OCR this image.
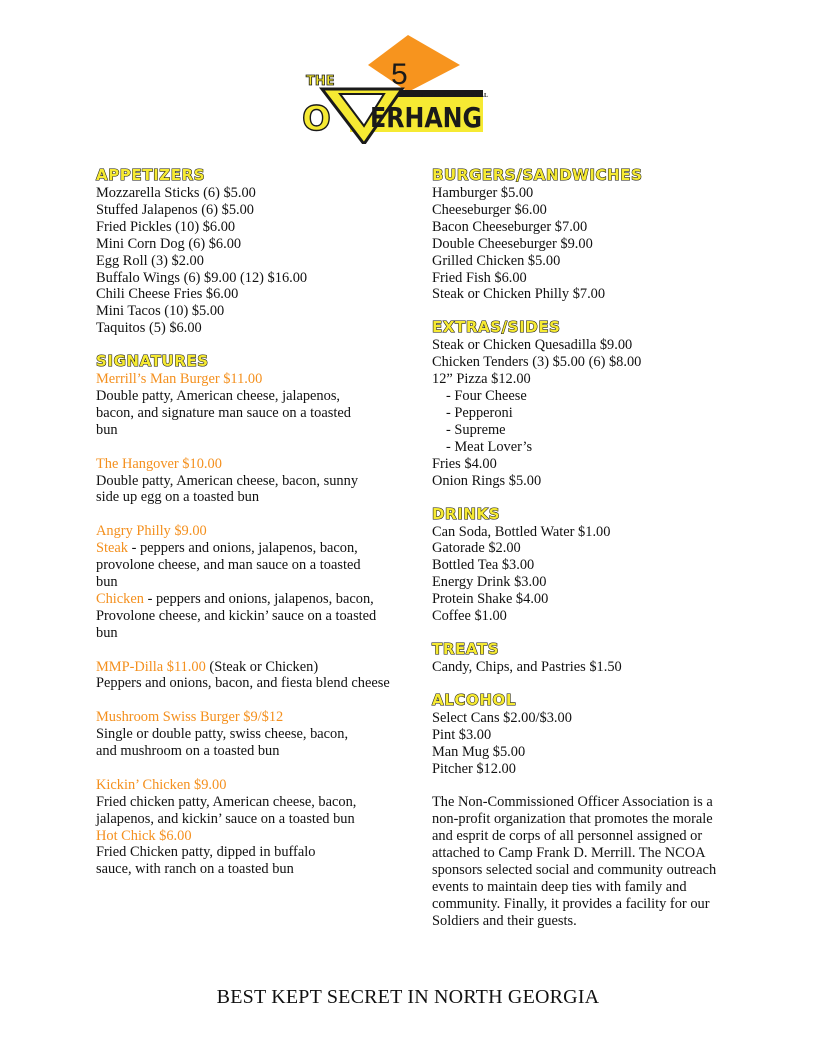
5
THE
CAMP FRANK D. MERRILL
O ERHANG
APPETIZERS
Mozzarella Sticks (6) $5.00
Stuffed Jalapenos (6) $5.00
Fried Pickles (10) $6.00
Mini Corn Dog (6) $6.00
Egg Roll (3) $2.00
Buffalo Wings (6) $9.00 (12) $16.00
Chili Cheese Fries $6.00
Mini Tacos (10) $5.00
Taquitos (5) $6.00
SIGNATURES
Merrill’s Man Burger $11.00
Double patty, American cheese, jalapenos,
bacon, and signature man sauce on a toasted
bun
The Hangover $10.00
Double patty, American cheese, bacon, sunny
side up egg on a toasted bun
Angry Philly $9.00
Steak - peppers and onions, jalapenos, bacon,
provolone cheese, and man sauce on a toasted
bun
Chicken - peppers and onions, jalapenos, bacon,
Provolone cheese, and kickin’ sauce on a toasted
bun
MMP-Dilla $11.00 (Steak or Chicken)
Peppers and onions, bacon, and fiesta blend cheese
Mushroom Swiss Burger $9/$12
Single or double patty, swiss cheese, bacon,
and mushroom on a toasted bun
Kickin’ Chicken $9.00
Fried chicken patty, American cheese, bacon,
jalapenos, and kickin’ sauce on a toasted bun
Hot Chick $6.00
Fried Chicken patty, dipped in buffalo
sauce, with ranch on a toasted bun
BURGERS/SANDWICHES
Hamburger $5.00
Cheeseburger $6.00
Bacon Cheeseburger $7.00
Double Cheeseburger $9.00
Grilled Chicken $5.00
Fried Fish $6.00
Steak or Chicken Philly $7.00
EXTRAS/SIDES
Steak or Chicken Quesadilla $9.00
Chicken Tenders (3) $5.00 (6) $8.00
12” Pizza $12.00
- Four Cheese
- Pepperoni
- Supreme
- Meat Lover’s
Fries $4.00
Onion Rings $5.00
DRINKS
Can Soda, Bottled Water $1.00
Gatorade $2.00
Bottled Tea $3.00
Energy Drink $3.00
Protein Shake $4.00
Coffee $1.00
TREATS
Candy, Chips, and Pastries $1.50
ALCOHOL
Select Cans $2.00/$3.00
Pint $3.00
Man Mug $5.00
Pitcher $12.00
The Non-Commissioned Officer Association is a non-profit organization that promotes the morale and esprit de corps of all personnel assigned or attached to Camp Frank D. Merrill. The NCOA sponsors selected social and community outreach events to maintain deep ties with family and community. Finally, it provides a facility for our Soldiers and their guests.
BEST KEPT SECRET IN NORTH GEORGIA
